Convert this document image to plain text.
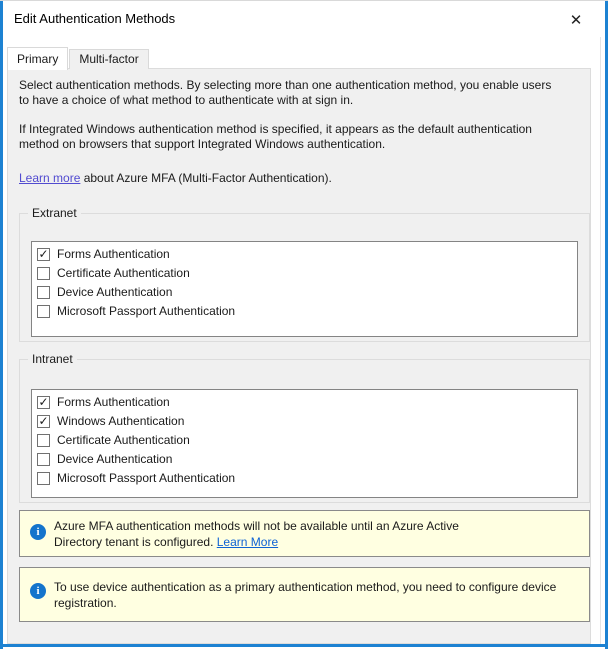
Edit Authentication Methods	✕
Primary	Multi-factor

Select authentication methods. By selecting more than one authentication method, you enable users to have a choice of what method to authenticate with at sign in.

If Integrated Windows authentication method is specified, it appears as the default authentication method on browsers that support Integrated Windows authentication.

Learn more about Azure MFA (Multi-Factor Authentication).

Extranet
✓ Forms Authentication
Certificate Authentication
Device Authentication
Microsoft Passport Authentication
Intranet
✓ Forms Authentication
✓ Windows Authentication
Certificate Authentication
Device Authentication
Microsoft Passport Authentication
i	Azure MFA authentication methods will not be available until an Azure Active Directory tenant is configured. Learn More
i	To use device authentication as a primary authentication method, you need to configure device registration.
